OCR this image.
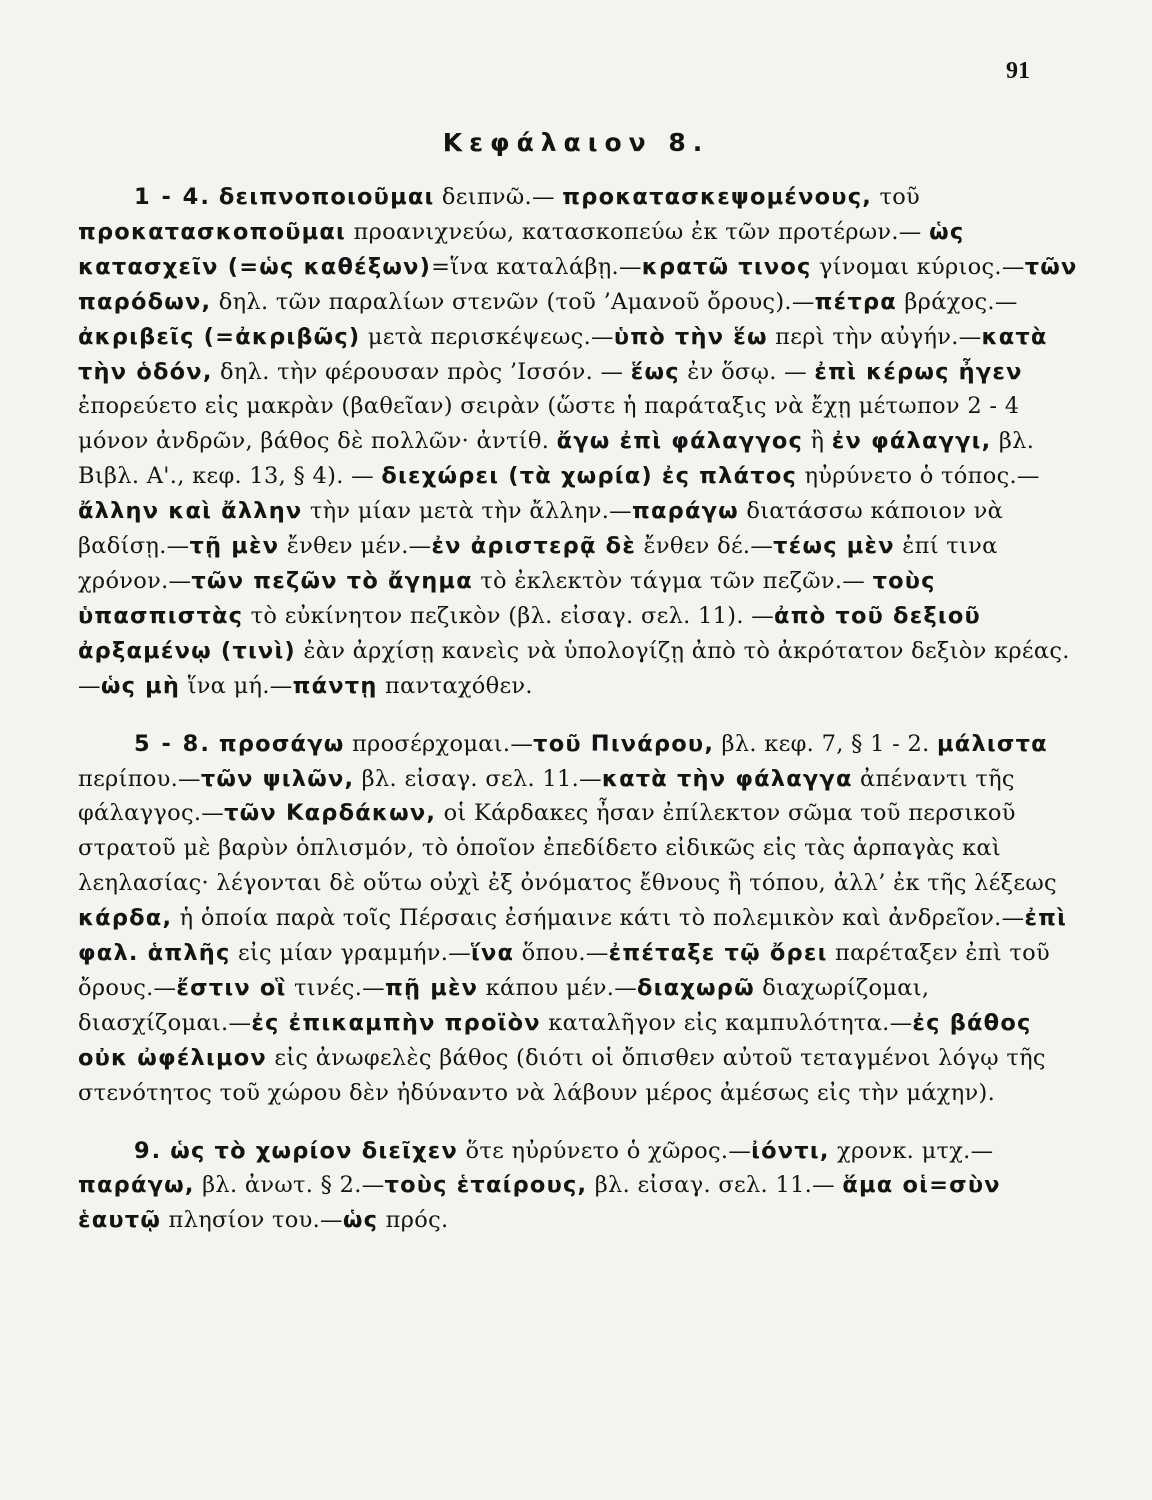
91
Κεφάλαιον 8.

1 - 4. δειπνοποιοῦμαι δειπνῶ.— προκατασκεψομένους, τοῦ προκατασκοποῦμαι προανιχνεύω, κατασκοπεύω ἐκ τῶν προτέρων.— ὡς κατασχεῖν (=ὡς καθέξων)=ἵνα καταλάβῃ.—κρατῶ τινος γίνομαι κύριος.—τῶν παρόδων, δηλ. τῶν παραλίων στενῶν (τοῦ ’Αμανοῦ ὄρους).—πέτρα βράχος.—ἀκριβεῖς (=ἀκριβῶς) μετὰ περισκέψεως.—ὑπὸ τὴν ἕω περὶ τὴν αὐγήν.—κατὰ τὴν ὁδόν, δηλ. τὴν φέρουσαν πρὸς ’Ισσόν. — ἕως ἐν ὅσῳ. — ἐπὶ κέρως ἦγεν ἐπορεύετο εἰς μακρὰν (βαθεῖαν) σειρὰν (ὥστε ἡ παράταξις νὰ ἔχῃ μέτωπον 2 - 4 μόνον ἀνδρῶν, βάθος δὲ πολλῶν· ἀντίθ. ἄγω ἐπὶ φάλαγγος ἢ ἐν φάλαγγι, βλ. Βιβλ. Α'., κεφ. 13, § 4). — διεχώρει (τὰ χωρία) ἐς πλάτος ηὐρύνετο ὁ τόπος.—ἄλλην καὶ ἄλλην τὴν μίαν μετὰ τὴν ἄλλην.—παράγω διατάσσω κάποιον νὰ βαδίσῃ.—τῇ μὲν ἔνθεν μέν.—ἐν ἀριστερᾷ δὲ ἔνθεν δέ.—τέως μὲν ἐπί τινα χρόνον.—τῶν πεζῶν τὸ ἄγημα τὸ ἐκλεκτὸν τάγμα τῶν πεζῶν.— τοὺς ὑπασπιστὰς τὸ εὐκίνητον πεζικὸν (βλ. εἰσαγ. σελ. 11). —ἀπὸ τοῦ δεξιοῦ ἀρξαμένῳ (τινὶ) ἐὰν ἀρχίσῃ κανεὶς νὰ ὑπολογίζῃ ἀπὸ τὸ ἀκρότατον δεξιὸν κρέας.—ὡς μὴ ἵνα μή.—πάντῃ πανταχόθεν.

5 - 8. προσάγω προσέρχομαι.—τοῦ Πινάρου, βλ. κεφ. 7, § 1 - 2. μάλιστα περίπου.—τῶν ψιλῶν, βλ. εἰσαγ. σελ. 11.—κατὰ τὴν φάλαγγα ἀπέναντι τῆς φάλαγγος.—τῶν Καρδάκων, οἱ Κάρδακες ἦσαν ἐπίλεκτον σῶμα τοῦ περσικοῦ στρατοῦ μὲ βαρὺν ὁπλισμόν, τὸ ὁποῖον ἐπεδίδετο εἰδικῶς εἰς τὰς ἁρπαγὰς καὶ λεηλασίας· λέγονται δὲ οὕτω οὐχὶ ἐξ ὀνόματος ἔθνους ἢ τόπου, ἀλλ’ ἐκ τῆς λέξεως κάρδα, ἡ ὁποία παρὰ τοῖς Πέρσαις ἐσήμαινε κάτι τὸ πολεμικὸν καὶ ἀνδρεῖον.—ἐπὶ φαλ. ἁπλῆς εἰς μίαν γραμμήν.—ἵνα ὅπου.—ἐπέταξε τῷ ὄρει παρέταξεν ἐπὶ τοῦ ὄρους.—ἔστιν οἳ τινές.—πῇ μὲν κάπου μέν.—διαχωρῶ διαχωρίζομαι, διασχίζομαι.—ἐς ἐπικαμπὴν προϊὸν καταλῆγον εἰς καμπυλότητα.—ἐς βάθος οὐκ ὠφέλιμον εἰς ἀνωφελὲς βάθος (διότι οἱ ὄπισθεν αὐτοῦ τεταγμένοι λόγῳ τῆς στενότητος τοῦ χώρου δὲν ἠδύναντο νὰ λάβουν μέρος ἀμέσως εἰς τὴν μάχην).

9. ὡς τὸ χωρίον διεῖχεν ὅτε ηὐρύνετο ὁ χῶρος.—ἰόντι, χρονκ. μτχ.—παράγω, βλ. ἀνωτ. § 2.—τοὺς ἑταίρους, βλ. εἰσαγ. σελ. 11.— ἅμα οἱ=σὺν ἑαυτῷ πλησίον του.—ὡς πρός.
